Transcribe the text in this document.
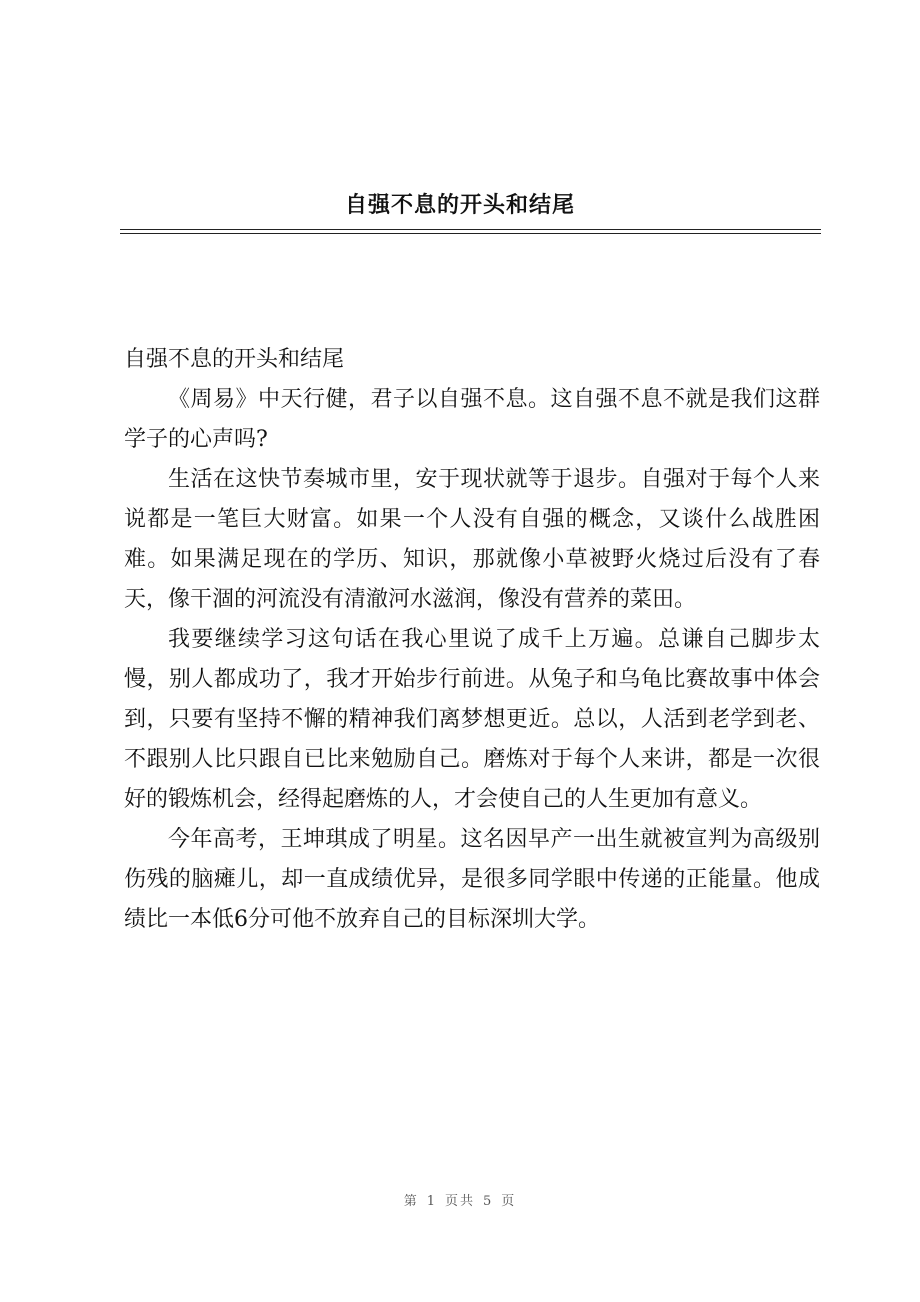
自强不息的开头和结尾
自强不息的开头和结尾

《周易》中天行健，君子以自强不息。这自强不息不就是我们这群学子的心声吗?

生活在这快节奏城市里，安于现状就等于退步。自强对于每个人来说都是一笔巨大财富。如果一个人没有自强的概念，又谈什么战胜困难。如果满足现在的学历、知识，那就像小草被野火烧过后没有了春天，像干涸的河流没有清澈河水滋润，像没有营养的菜田。

我要继续学习这句话在我心里说了成千上万遍。总谦自己脚步太慢，别人都成功了，我才开始步行前进。从兔子和乌龟比赛故事中体会到，只要有坚持不懈的精神我们离梦想更近。总以，人活到老学到老、不跟别人比只跟自已比来勉励自己。磨炼对于每个人来讲，都是一次很好的锻炼机会，经得起磨炼的人，才会使自己的人生更加有意义。

今年高考，王坤琪成了明星。这名因早产一出生就被宣判为高级别伤残的脑瘫儿，却一直成绩优异，是很多同学眼中传递的正能量。他成绩比一本低6分可他不放弃自己的目标深圳大学。

第 1 页共 5 页
